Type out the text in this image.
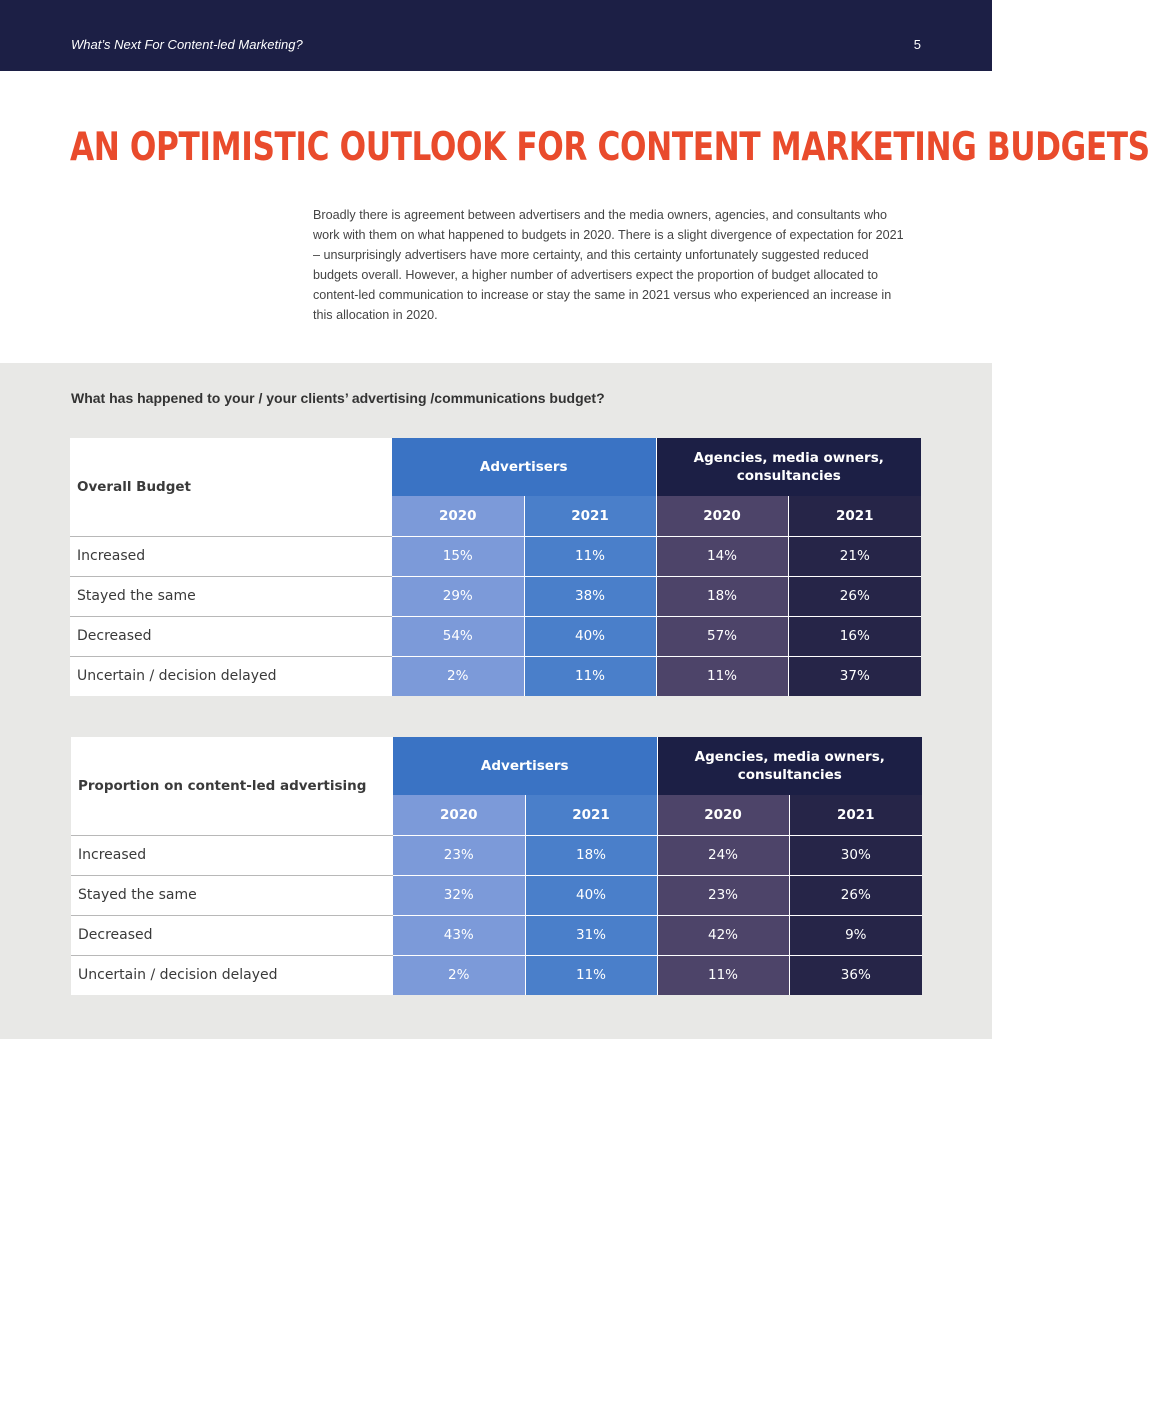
What’s Next For Content-led Marketing?	5
AN OPTIMISTIC OUTLOOK FOR CONTENT MARKETING BUDGETS

Broadly there is agreement between advertisers and the media owners, agencies, and consultants who work with them on what happened to budgets in 2020. There is a slight divergence of expectation for 2021 – unsurprisingly advertisers have more certainty, and this certainty unfortunately suggested reduced budgets overall. However, a higher number of advertisers expect the proportion of budget allocated to content-led communication to increase or stay the same in 2021 versus who experienced an increase in this allocation in 2020.

What has happened to your / your clients’ advertising /communications budget?
Overall Budget	Advertisers		Agencies, media owners, consultancies	
	2020	2021	2020	2021
Increased	15%	11%	14%	21%
Stayed the same	29%	38%	18%	26%
Decreased	54%	40%	57%	16%
Uncertain / decision delayed	2%	11%	11%	37%
Proportion on content-led advertising	Advertisers		Agencies, media owners, consultancies	
	2020	2021	2020	2021
Increased	23%	18%	24%	30%
Stayed the same	32%	40%	23%	26%
Decreased	43%	31%	42%	9%
Uncertain / decision delayed	2%	11%	11%	36%
